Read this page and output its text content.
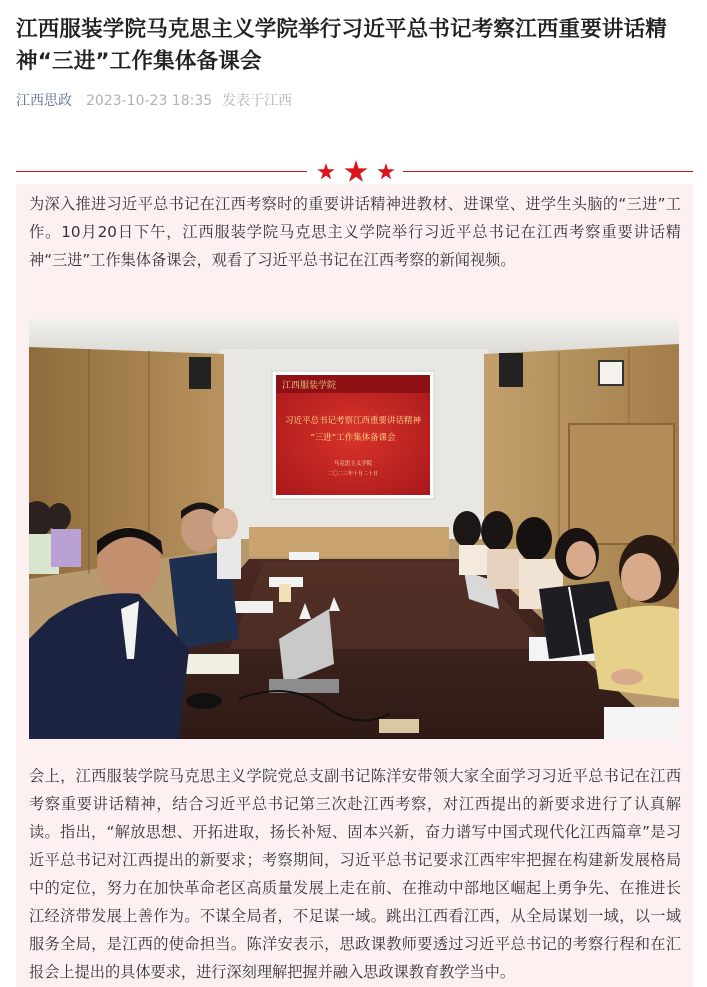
江西服装学院马克思主义学院举行习近平总书记考察江西重要讲话精神“三进”工作集体备课会
江西思政 2023-10-23 18:35 发表于江西

为深入推进习近平总书记在江西考察时的重要讲话精神进教材、进课堂、进学生头脑的“三进”工作。10月20日下午，江西服装学院马克思主义学院举行习近平总书记在江西考察重要讲话精神“三进”工作集体备课会，观看了习近平总书记在江西考察的新闻视频。

江西服装学院
习近平总书记考察江西重要讲话精神
“三进”工作集体备课会
马克思主义学院
二〇二三年十月二十日

会上，江西服装学院马克思主义学院党总支副书记陈洋安带领大家全面学习习近平总书记在江西考察重要讲话精神，结合习近平总书记第三次赴江西考察，对江西提出的新要求进行了认真解读。指出，“解放思想、开拓进取，扬长补短、固本兴新，奋力谱写中国式现代化江西篇章”是习近平总书记对江西提出的新要求；考察期间，习近平总书记要求江西牢牢把握在构建新发展格局中的定位，努力在加快革命老区高质量发展上走在前、在推动中部地区崛起上勇争先、在推进长江经济带发展上善作为。不谋全局者，不足谋一域。跳出江西看江西，从全局谋划一域，以一域服务全局，是江西的使命担当。陈洋安表示，思政课教师要透过习近平总书记的考察行程和在汇报会上提出的具体要求，进行深刻理解把握并融入思政课教育教学当中。
